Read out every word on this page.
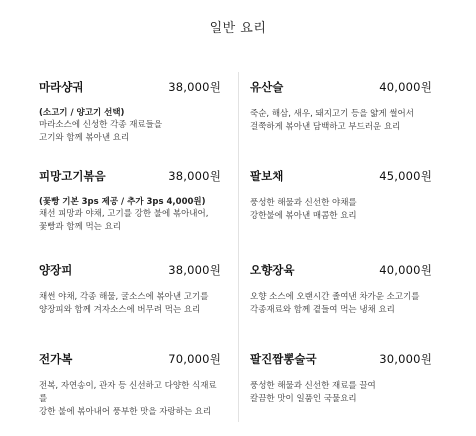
일반 요리
마라샹궈	38,000원
(소고기 / 양고기 선택)
마라소스에 신성한 각종 재료들을
고기와 함께 볶아낸 요리
피망고기볶음	38,000원
(꽃빵 기본 3ps 제공 / 추가 3ps 4,000원)
채선 피망과 야채, 고기를 강한 불에 볶아내어,
꽃빵과 함께 먹는 요리
양장피	38,000원
채썬 야채, 각종 해물, 굴소스에 볶아낸 고기를
양장피와 함께 겨자소스에 버무려 먹는 요리
전가복	70,000원
전복, 자연송이, 관자 등 신선하고 다양한 식재료를
강한 불에 볶아내어 풍부한 맛을 자랑하는 요리
유산슬	40,000원
죽순, 해삼, 새우, 돼지고기 등을 얇게 썰어서
걸쭉하게 볶아낸 담백하고 부드러운 요리
팔보채	45,000원
풍성한 해물과 신선한 야채를
강한불에 볶아낸 매콤한 요리
오향장육	40,000원
오향 소스에 오랜시간 졸여낸 차가운 소고기를
각종재료와 함께 곁들여 먹는 냉채 요리
팔진짬뽕술국	30,000원
풍성한 해물과 신선한 재료를 끌여
칼끔한 맛이 일품인 국물요리
